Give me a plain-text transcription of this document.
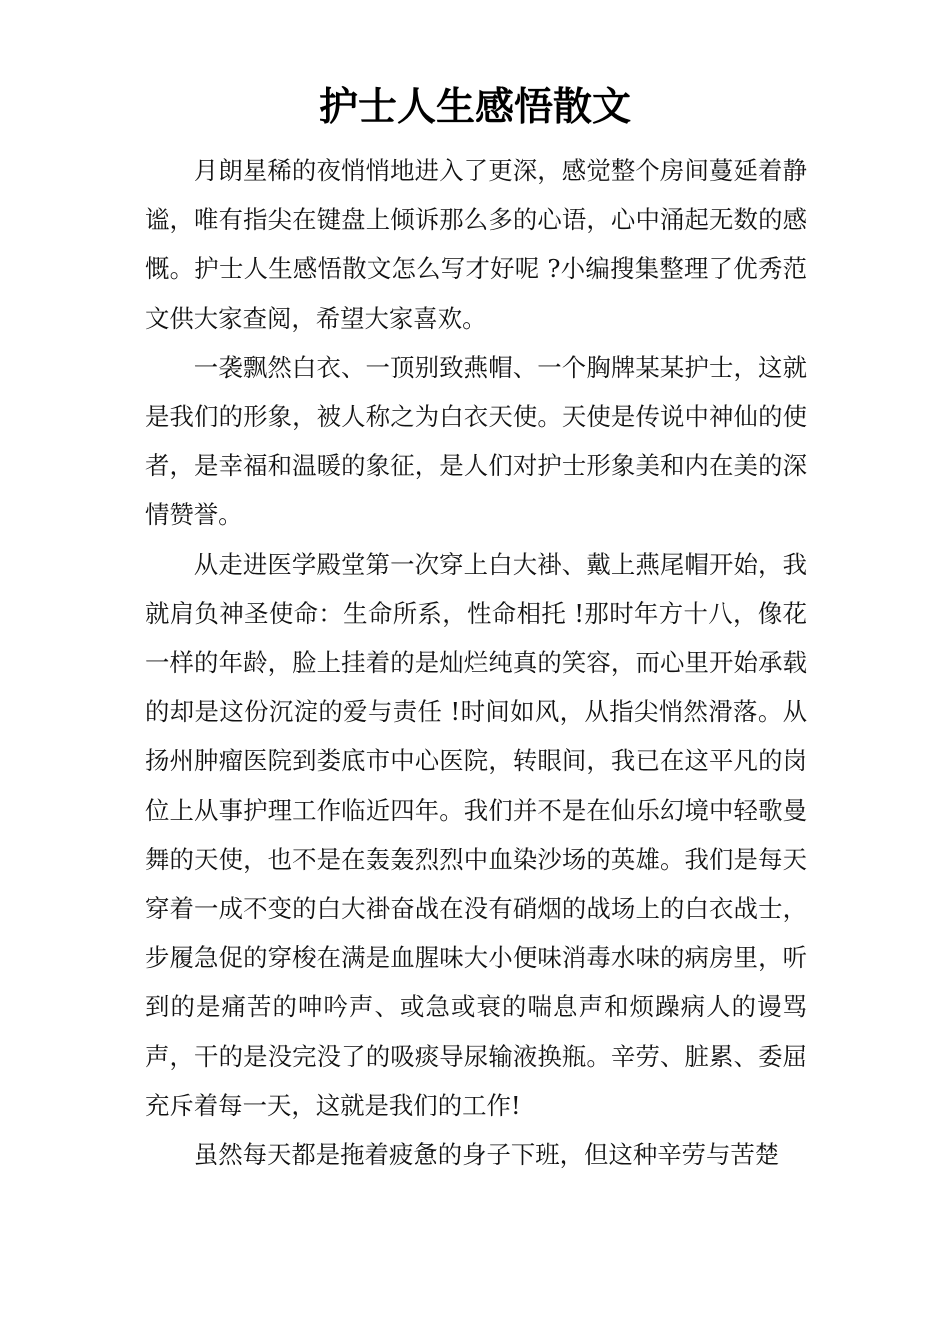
护士人生感悟散文

月朗星稀的夜悄悄地进入了更深，感觉整个房间蔓延着静谧，唯有指尖在键盘上倾诉那么多的心语，心中涌起无数的感慨。护士人生感悟散文怎么写才好呢 ?小编搜集整理了优秀范文供大家查阅，希望大家喜欢。

一袭飘然白衣、一顶别致燕帽、一个胸牌某某护士，这就是我们的形象，被人称之为白衣天使。天使是传说中神仙的使者，是幸福和温暖的象征，是人们对护士形象美和内在美的深情赞誉。

从走进医学殿堂第一次穿上白大褂、戴上燕尾帽开始，我就肩负神圣使命：生命所系，性命相托 !那时年方十八，像花一样的年龄，脸上挂着的是灿烂纯真的笑容，而心里开始承载的却是这份沉淀的爱与责任 !时间如风，从指尖悄然滑落。从扬州肿瘤医院到娄底市中心医院，转眼间，我已在这平凡的岗位上从事护理工作临近四年。我们并不是在仙乐幻境中轻歌曼舞的天使，也不是在轰轰烈烈中血染沙场的英雄。我们是每天穿着一成不变的白大褂奋战在没有硝烟的战场上的白衣战士，步履急促的穿梭在满是血腥味大小便味消毒水味的病房里，听到的是痛苦的呻吟声、或急或衰的喘息声和烦躁病人的谩骂声，干的是没完没了的吸痰导尿输液换瓶。辛劳、脏累、委屈充斥着每一天，这就是我们的工作!

虽然每天都是拖着疲惫的身子下班，但这种辛劳与苦楚
